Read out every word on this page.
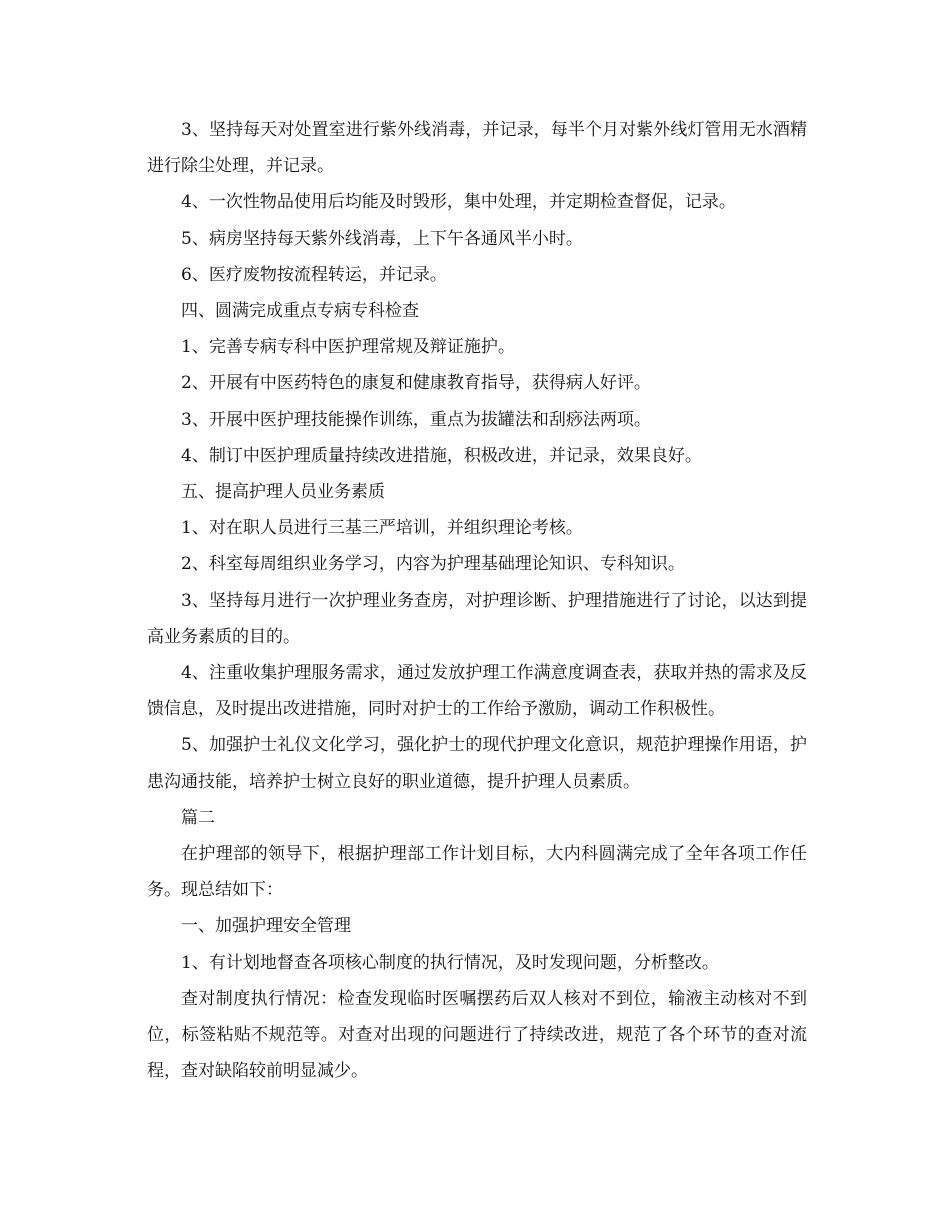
3、坚持每天对处置室进行紫外线消毒，并记录，每半个月对紫外线灯管用无水酒精进行除尘处理，并记录。

4、一次性物品使用后均能及时毁形，集中处理，并定期检查督促，记录。

5、病房坚持每天紫外线消毒，上下午各通风半小时。

6、医疗废物按流程转运，并记录。

四、圆满完成重点专病专科检查

1、完善专病专科中医护理常规及辩证施护。

2、开展有中医药特色的康复和健康教育指导，获得病人好评。

3、开展中医护理技能操作训练，重点为拔罐法和刮痧法两项。

4、制订中医护理质量持续改进措施，积极改进，并记录，效果良好。

五、提高护理人员业务素质

1、对在职人员进行三基三严培训，并组织理论考核。

2、科室每周组织业务学习，内容为护理基础理论知识、专科知识。

3、坚持每月进行一次护理业务查房，对护理诊断、护理措施进行了讨论，以达到提高业务素质的目的。

4、注重收集护理服务需求，通过发放护理工作满意度调查表，获取并热的需求及反馈信息，及时提出改进措施，同时对护士的工作给予激励，调动工作积极性。

5、加强护士礼仪文化学习，强化护士的现代护理文化意识，规范护理操作用语，护患沟通技能，培养护士树立良好的职业道德，提升护理人员素质。

篇二

在护理部的领导下，根据护理部工作计划目标，大内科圆满完成了全年各项工作任务。现总结如下：

一、加强护理安全管理

1、有计划地督查各项核心制度的执行情况，及时发现问题，分析整改。

查对制度执行情况：检查发现临时医嘱摆药后双人核对不到位，输液主动核对不到位，标签粘贴不规范等。对查对出现的问题进行了持续改进，规范了各个环节的查对流程，查对缺陷较前明显减少。
